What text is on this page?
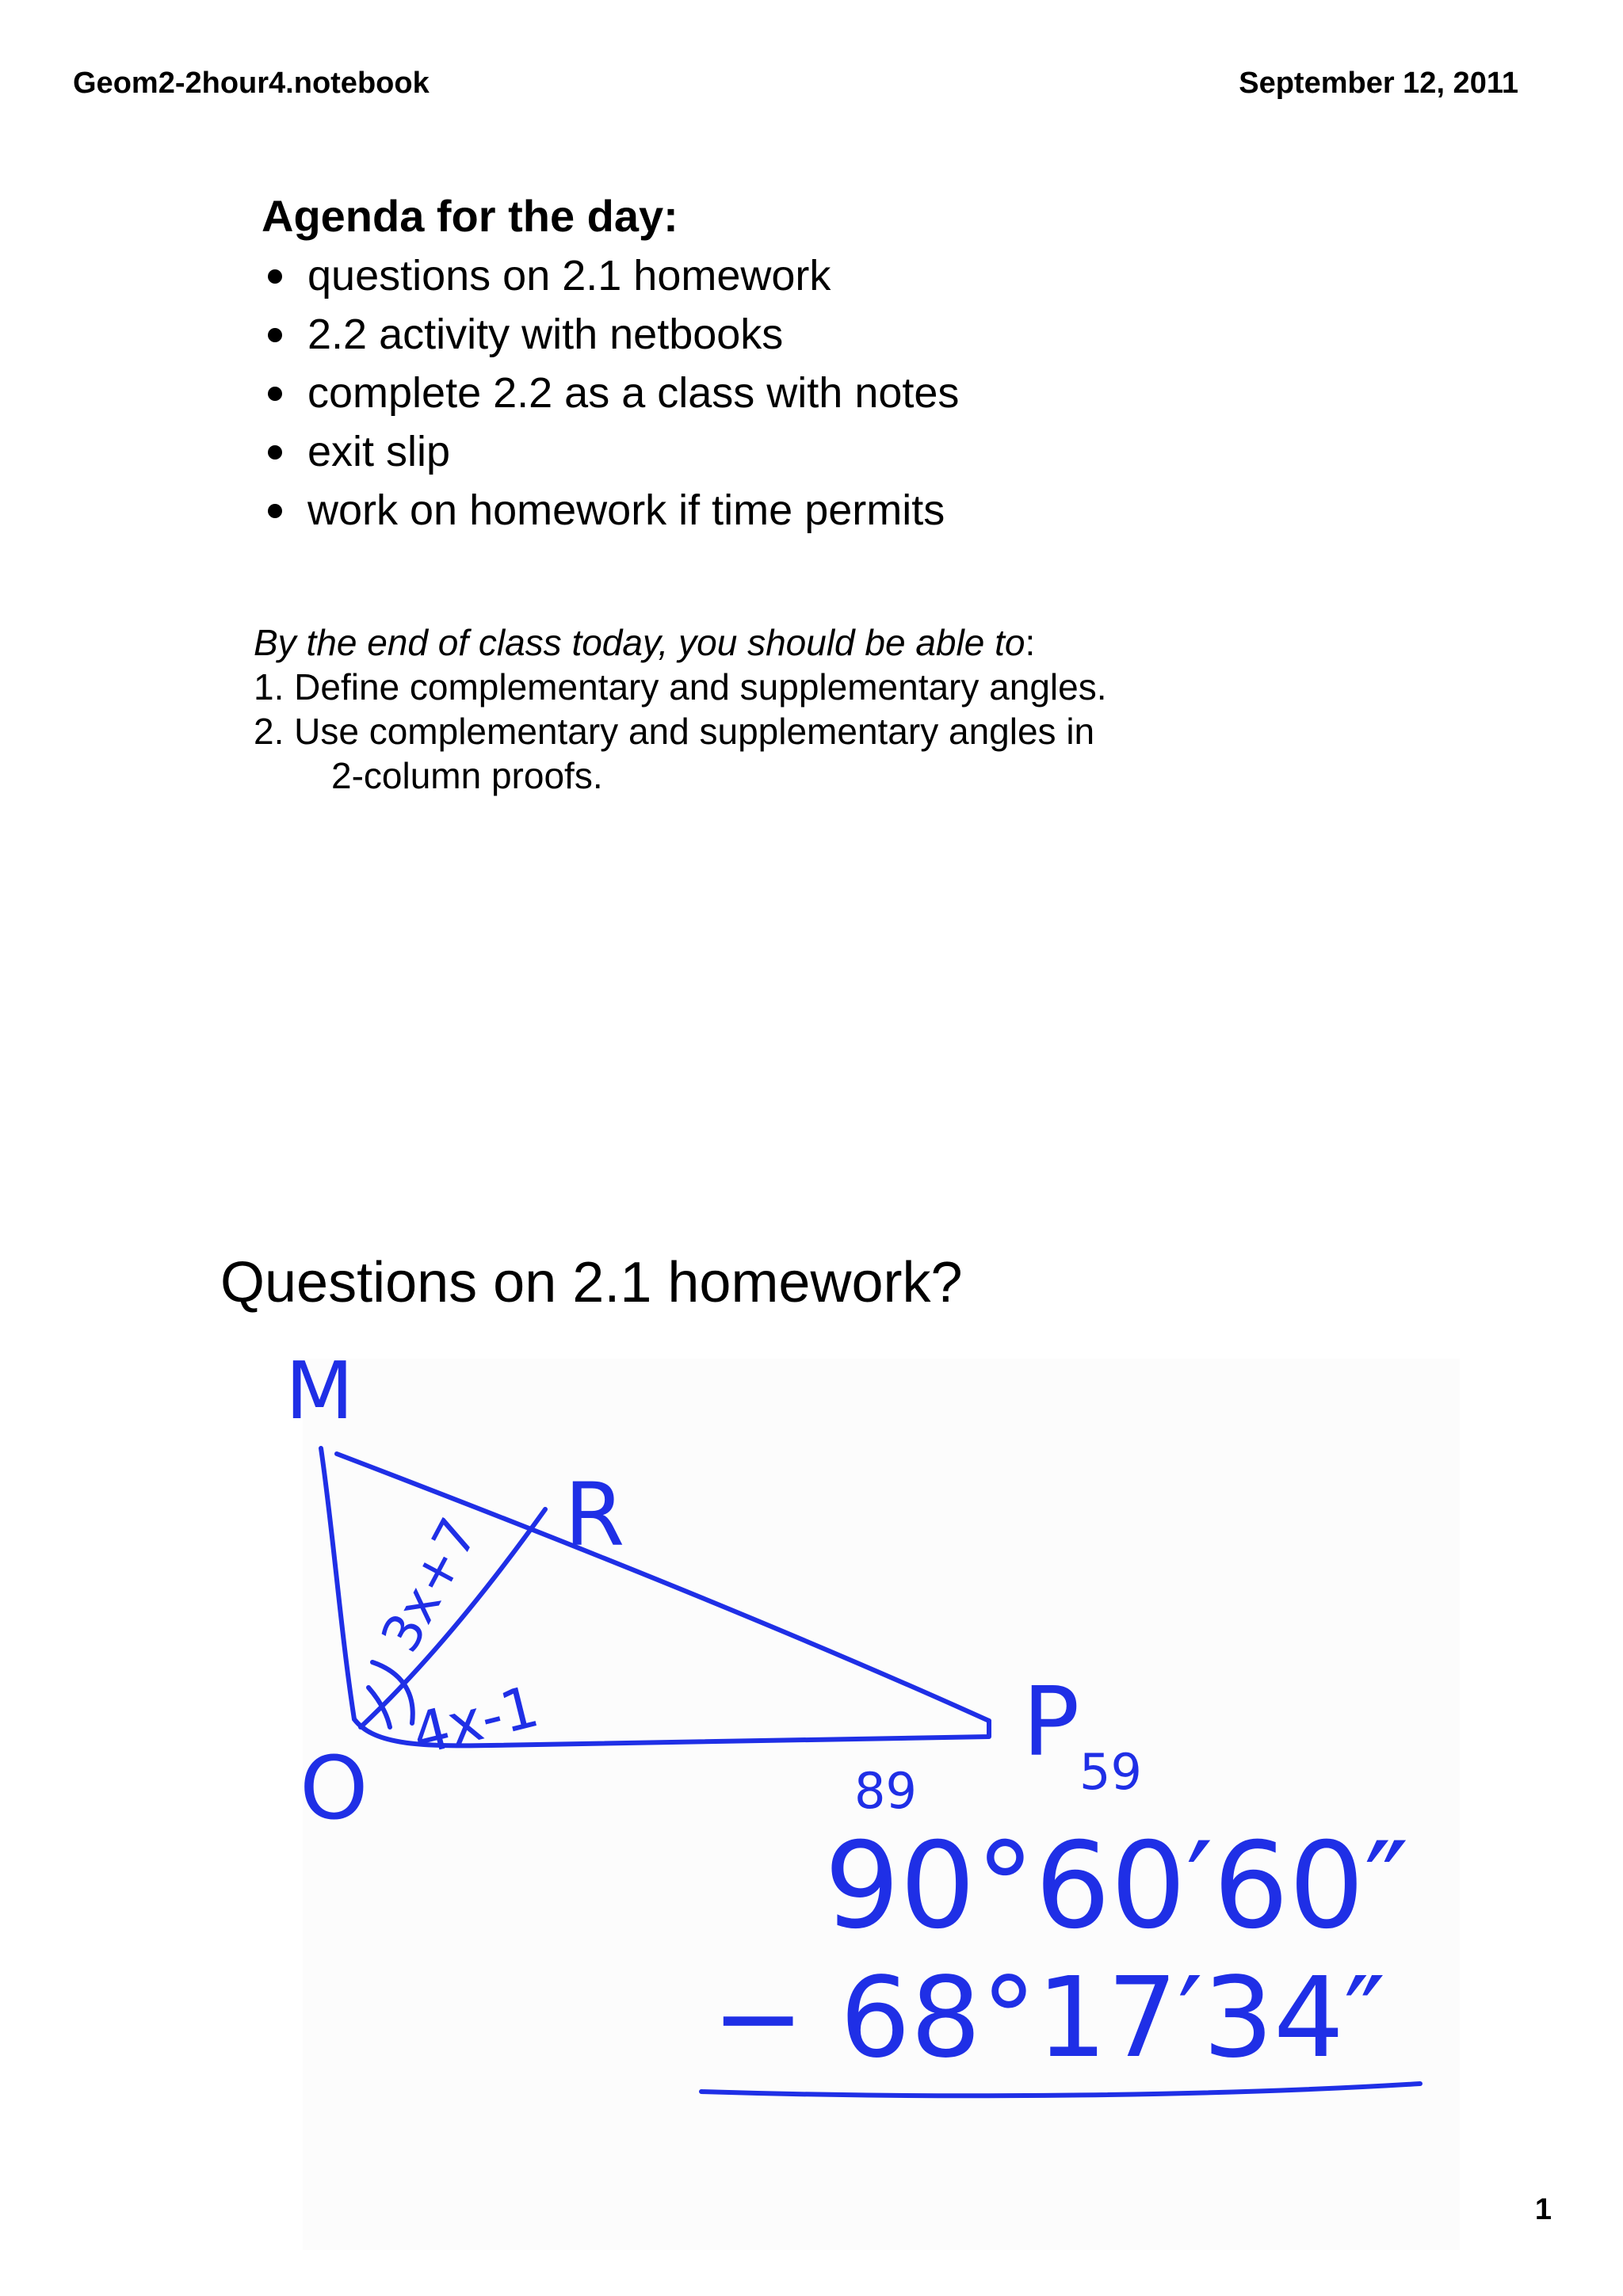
Geom2-2hour4.notebook	September 12, 2011
Agenda for the day:
questions on 2.1 homework
2.2 activity with netbooks
complete 2.2 as a class with notes
exit slip
work on homework if time permits
By the end of class today, you should be able to:
1. Define complementary and supplementary angles.
2. Use complementary and supplementary angles in
2-column proofs.
Questions on 2.1 homework?
M
R
O
P
3x+7
4x-1
89	59
90°60′60″
− 68°17′34″
1
